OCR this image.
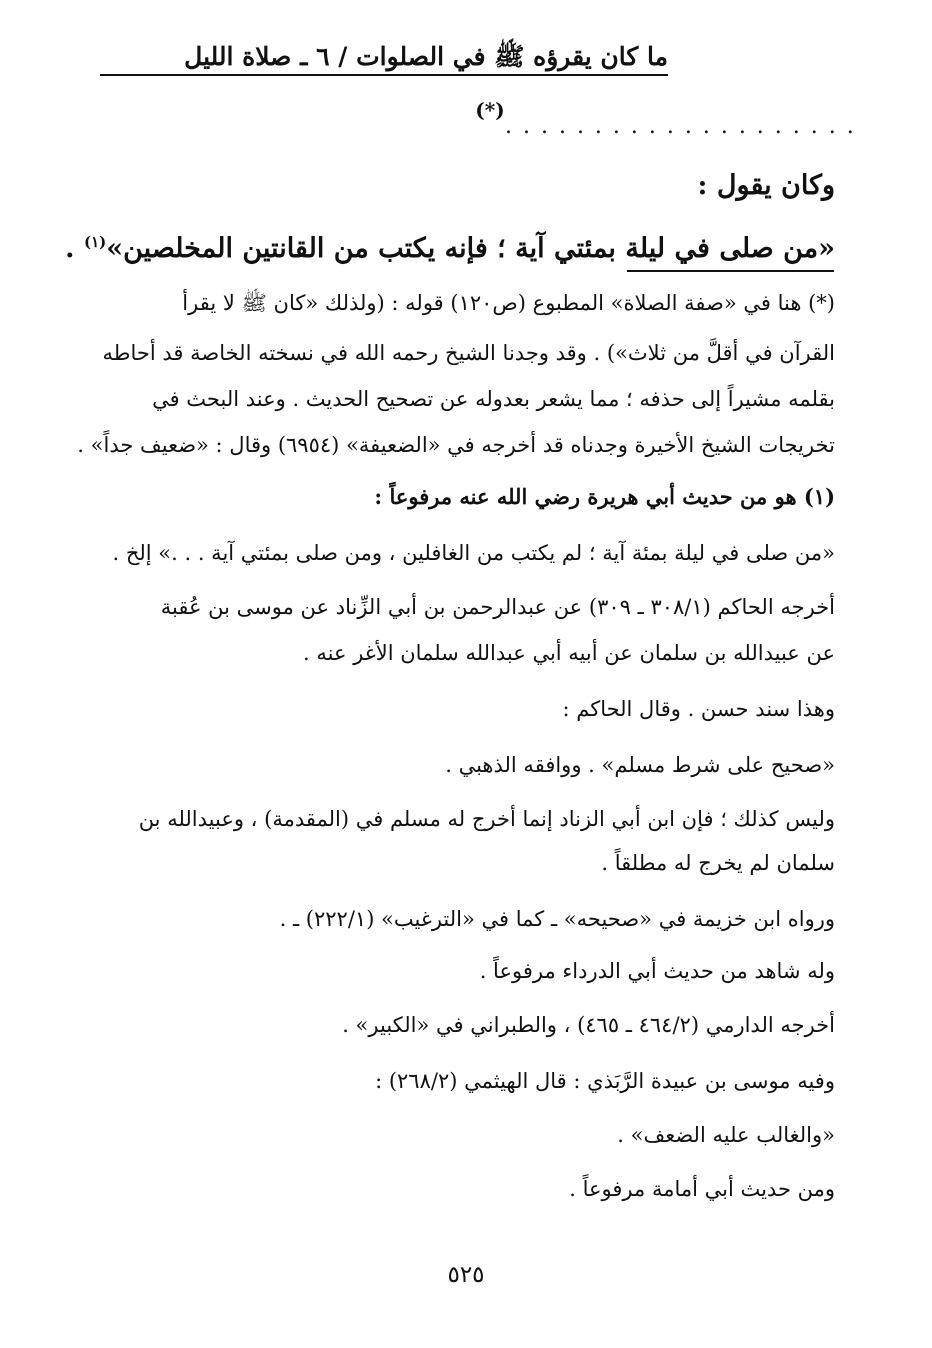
ما كان يقرؤه ﷺ في الصلوات / ٦ ـ صلاة الليل
(*)
. . . . . . . . . . . . . . . . . . . .
وكان يقول :
«من صلى في ليلة بمئتي آية ؛ فإنه يكتب من القانتين المخلصين»$^{(١)}$ .
(*) هنا في «صفة الصلاة» المطبوع (ص١٢٠) قوله : (ولذلك «كان ﷺ لا يقرأ
القرآن في أقلَّ من ثلاث») . وقد وجدنا الشيخ رحمه الله في نسخته الخاصة قد أحاطه
بقلمه مشيراً إلى حذفه ؛ مما يشعر بعدوله عن تصحيح الحديث . وعند البحث في
تخريجات الشيخ الأخيرة وجدناه قد أخرجه في «الضعيفة» (٦٩٥٤) وقال : «ضعيف جداً» .
(١) هو من حديث أبي هريرة رضي الله عنه مرفوعاً :
«من صلى في ليلة بمئة آية ؛ لم يكتب من الغافلين ، ومن صلى بمئتي آية . . .» إلخ .
أخرجه الحاكم (٣٠٨/١ ـ ٣٠٩) عن عبدالرحمن بن أبي الزِّناد عن موسى بن عُقبة
عن عبيدالله بن سلمان عن أبيه أبي عبدالله سلمان الأغر عنه .
وهذا سند حسن . وقال الحاكم :
«صحيح على شرط مسلم» . ووافقه الذهبي .
وليس كذلك ؛ فإن ابن أبي الزناد إنما أخرج له مسلم في (المقدمة) ، وعبيدالله بن
سلمان لم يخرج له مطلقاً .
ورواه ابن خزيمة في «صحيحه» ـ كما في «الترغيب» (٢٢٢/١) ـ .
وله شاهد من حديث أبي الدرداء مرفوعاً .
أخرجه الدارمي (٤٦٤/٢ ـ ٤٦٥) ، والطبراني في «الكبير» .
وفيه موسى بن عبيدة الرَّبَذي : قال الهيثمي (٢٦٨/٢) :
«والغالب عليه الضعف» .
ومن حديث أبي أمامة مرفوعاً .
٥٢٥
